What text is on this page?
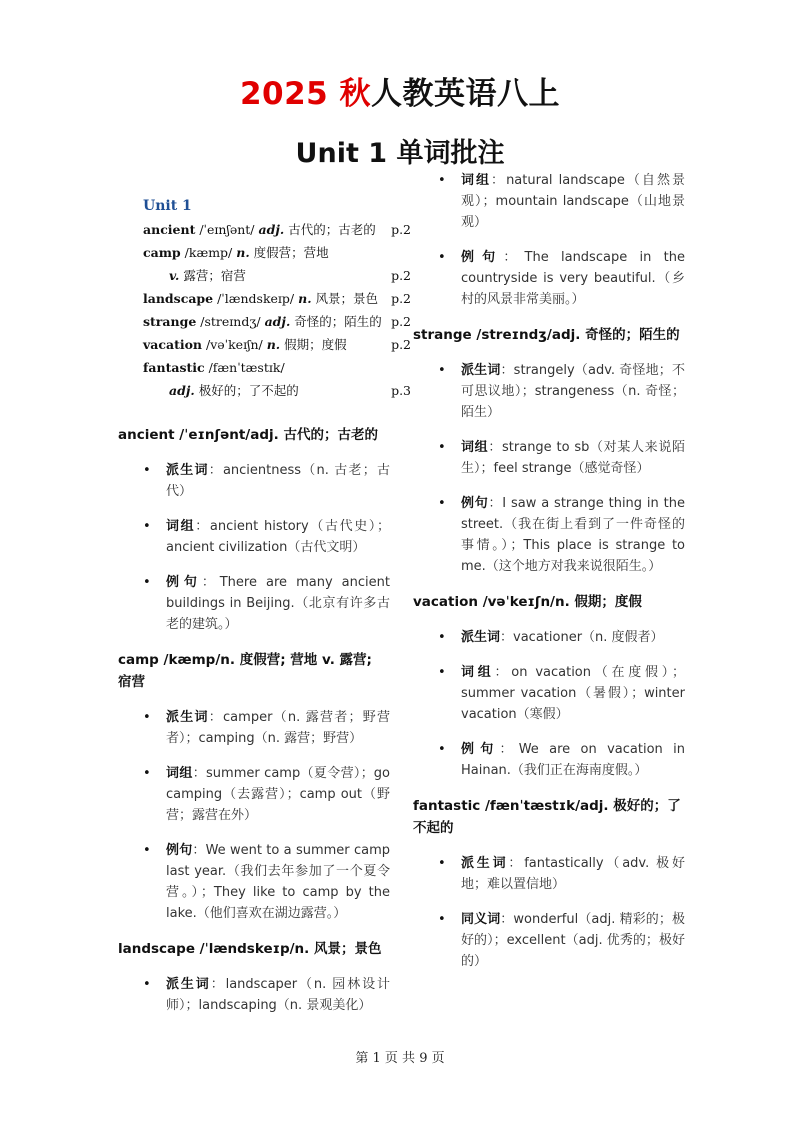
2025 秋人教英语八上
Unit 1 单词批注
Unit 1
ancient /ˈeɪnʃənt/ adj. 古代的；古老的 p.2
camp /kæmp/ n. 度假营；营地
v. 露营；宿营	p.2
landscape /ˈlændskeɪp/ n. 风景；景色 p.2
strange /streɪndʒ/ adj. 奇怪的；陌生的 p.2
vacation /vəˈkeɪʃn/ n. 假期；度假	p.2
fantastic /fænˈtæstɪk/
adj. 极好的；了不起的	p.3

ancient /ˈeɪnʃənt/adj. 古代的；古老的

• 派生词：ancientness（n. 古老；古代）
• 词组：ancient history（古代史）；ancient civilization（古代文明）
• 例句：There are many ancient buildings in Beijing.（北京有许多古老的建筑。）

camp /kæmp/n. 度假营; 营地 v. 露营; 宿营

• 派生词：camper（n. 露营者；野营者）；camping（n. 露营；野营）
• 词组：summer camp（夏令营）；go camping（去露营）；camp out（野营；露营在外）
• 例句：We went to a summer camp last year.（我们去年参加了一个夏令营。）；They like to camp by the lake.（他们喜欢在湖边露营。）

landscape /ˈlændskeɪp/n. 风景；景色

• 派生词：landscaper（n. 园林设计师）；landscaping（n. 景观美化）
• 词组：natural landscape（自然景观）；mountain landscape（山地景观）
• 例句：The landscape in the countryside is very beautiful.（乡村的风景非常美丽。）

strange /streɪndʒ/adj. 奇怪的；陌生的

• 派生词：strangely（adv. 奇怪地；不可思议地）；strangeness（n. 奇怪；陌生）
• 词组：strange to sb（对某人来说陌生）；feel strange（感觉奇怪）
• 例句：I saw a strange thing in the street.（我在街上看到了一件奇怪的事情。）；This place is strange to me.（这个地方对我来说很陌生。）

vacation /vəˈkeɪʃn/n. 假期；度假

• 派生词：vacationer（n. 度假者）
• 词组：on vacation（在度假）；summer vacation（暑假）；winter vacation（寒假）
• 例句：We are on vacation in Hainan.（我们正在海南度假。）

fantastic /fænˈtæstɪk/adj. 极好的；了不起的

• 派生词：fantastically（adv. 极好地；难以置信地）
• 同义词：wonderful（adj. 精彩的；极好的）；excellent（adj. 优秀的；极好的）
第 1 页 共 9 页
